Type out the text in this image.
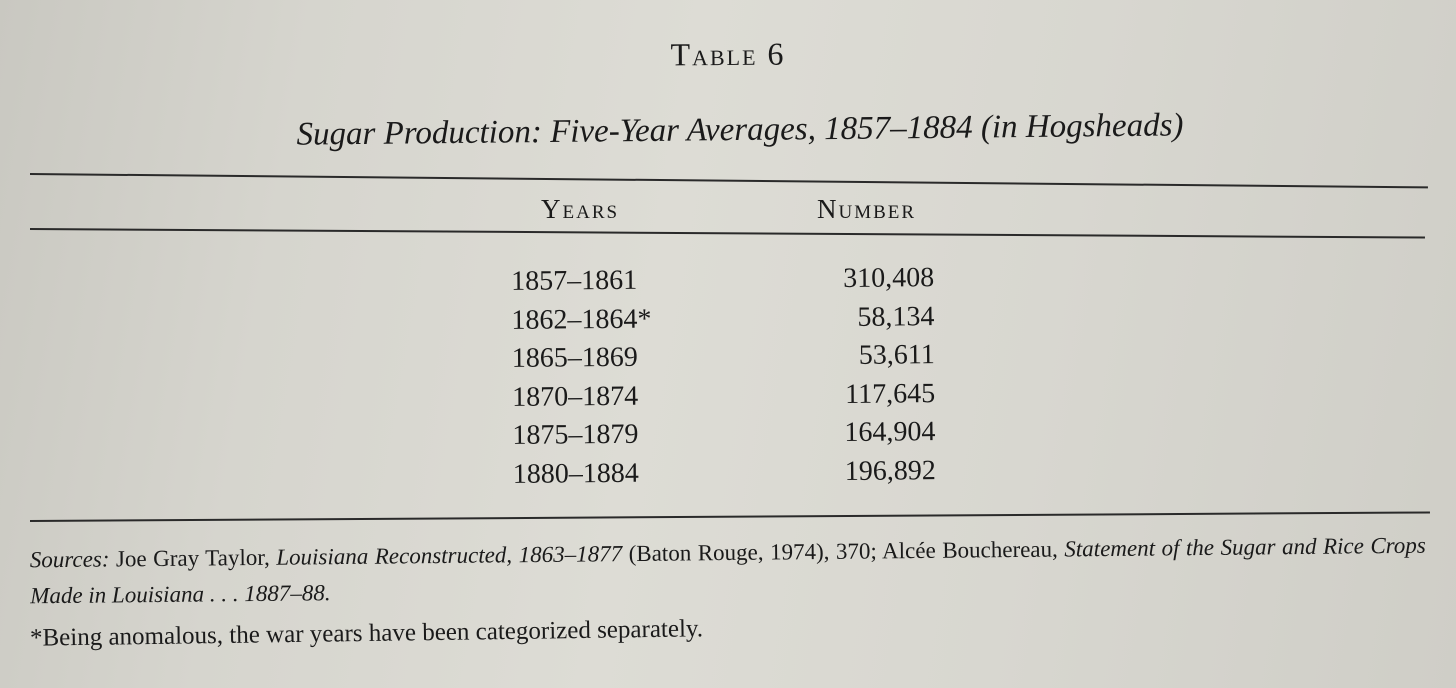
Table 6
Sugar Production: Five-Year Averages, 1857–1884 (in Hogsheads)
Years	Number
1857–1861	310,408
1862–1864*	58,134
1865–1869	53,611
1870–1874	117,645
1875–1879	164,904
1880–1884	196,892
Sources: Joe Gray Taylor, Louisiana Reconstructed, 1863–1877 (Baton Rouge, 1974), 370; Alcée Bouchereau, Statement of the Sugar and Rice Crops Made in Louisiana . . . 1887–88.
*Being anomalous, the war years have been categorized separately.
